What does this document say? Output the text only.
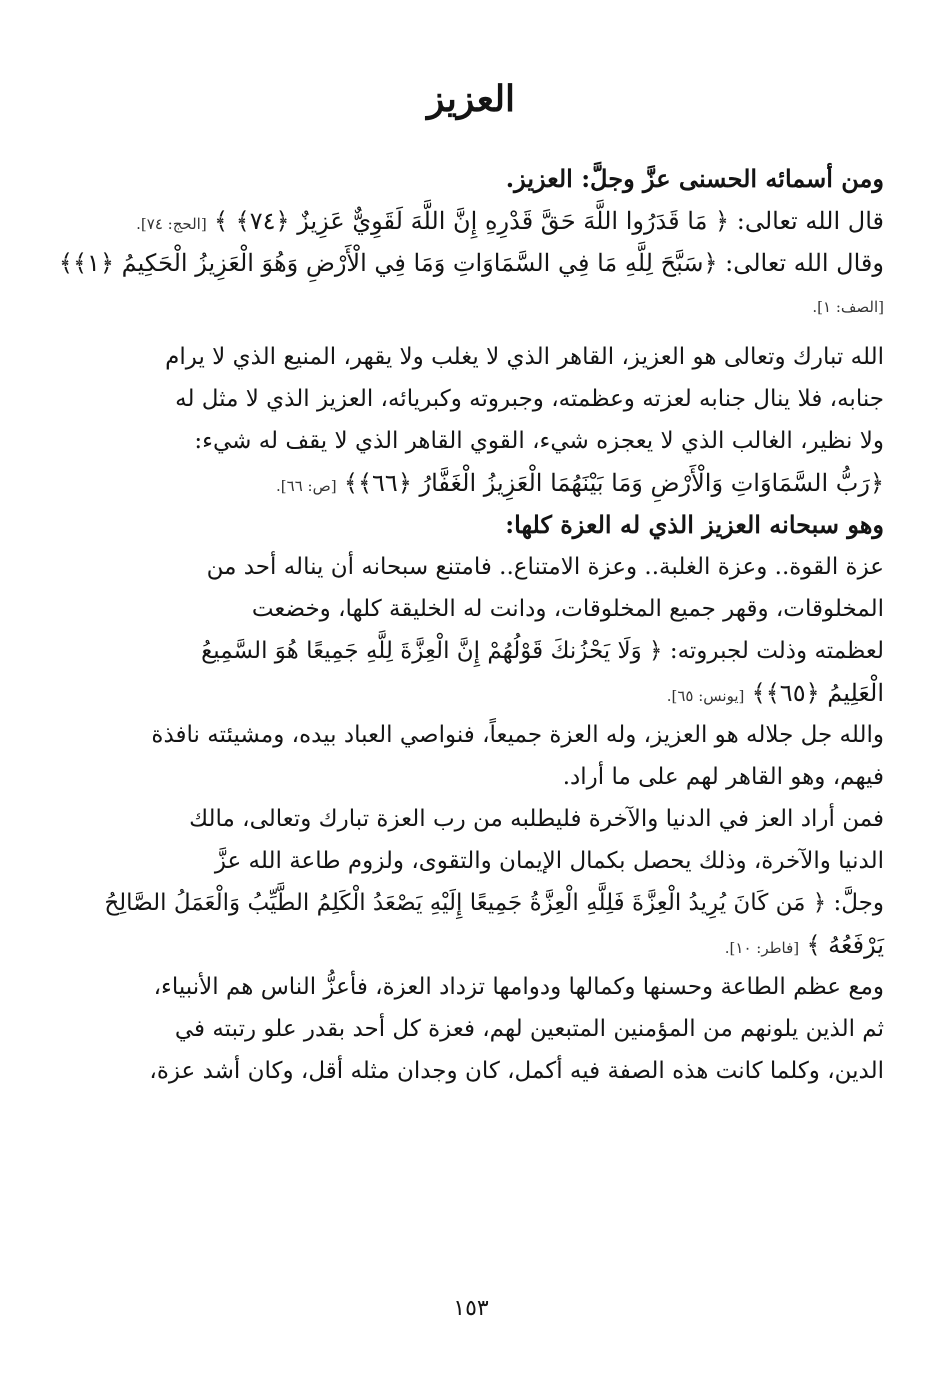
العزيز
ومن أسمائه الحسنى عزَّ وجلَّ: العزيز.
قال الله تعالى: ﴿ مَا قَدَرُوا اللَّهَ حَقَّ قَدْرِهِ إِنَّ اللَّهَ لَقَوِيٌّ عَزِيزٌ ﴿٧٤﴾ ﴾ [الحج: ٧٤].
وقال الله تعالى: ﴿سَبَّحَ لِلَّهِ مَا فِي السَّمَاوَاتِ وَمَا فِي الْأَرْضِ وَهُوَ الْعَزِيزُ الْحَكِيمُ ﴿١﴾﴾
[الصف: ١].
الله تبارك وتعالى هو العزيز، القاهر الذي لا يغلب ولا يقهر، المنيع الذي لا يرام
جنابه، فلا ينال جنابه لعزته وعظمته، وجبروته وكبريائه، العزيز الذي لا مثل له
ولا نظير، الغالب الذي لا يعجزه شيء، القوي القاهر الذي لا يقف له شيء:
﴿رَبُّ السَّمَاوَاتِ وَالْأَرْضِ وَمَا بَيْنَهُمَا الْعَزِيزُ الْغَفَّارُ ﴿٦٦﴾﴾ [ص: ٦٦].
وهو سبحانه العزيز الذي له العزة كلها:
عزة القوة.. وعزة الغلبة.. وعزة الامتناع.. فامتنع سبحانه أن يناله أحد من
المخلوقات، وقهر جميع المخلوقات، ودانت له الخليقة كلها، وخضعت
لعظمته وذلت لجبروته: ﴿ وَلَا يَحْزُنكَ قَوْلُهُمْ إِنَّ الْعِزَّةَ لِلَّهِ جَمِيعًا هُوَ السَّمِيعُ
الْعَلِيمُ ﴿٦٥﴾﴾ [يونس: ٦٥].
والله جل جلاله هو العزيز، وله العزة جميعاً، فنواصي العباد بيده، ومشيئته نافذة
فيهم، وهو القاهر لهم على ما أراد.
فمن أراد العز في الدنيا والآخرة فليطلبه من رب العزة تبارك وتعالى، مالك
الدنيا والآخرة، وذلك يحصل بكمال الإيمان والتقوى، ولزوم طاعة الله عزَّ
وجلَّ: ﴿ مَن كَانَ يُرِيدُ الْعِزَّةَ فَلِلَّهِ الْعِزَّةُ جَمِيعًا إِلَيْهِ يَصْعَدُ الْكَلِمُ الطَّيِّبُ وَالْعَمَلُ الصَّالِحُ
يَرْفَعُهُ ﴾ [فاطر: ١٠].
ومع عظم الطاعة وحسنها وكمالها ودوامها تزداد العزة، فأعزُّ الناس هم الأنبياء،
ثم الذين يلونهم من المؤمنين المتبعين لهم، فعزة كل أحد بقدر علو رتبته في
الدين، وكلما كانت هذه الصفة فيه أكمل، كان وجدان مثله أقل، وكان أشد عزة،
١٥٣
